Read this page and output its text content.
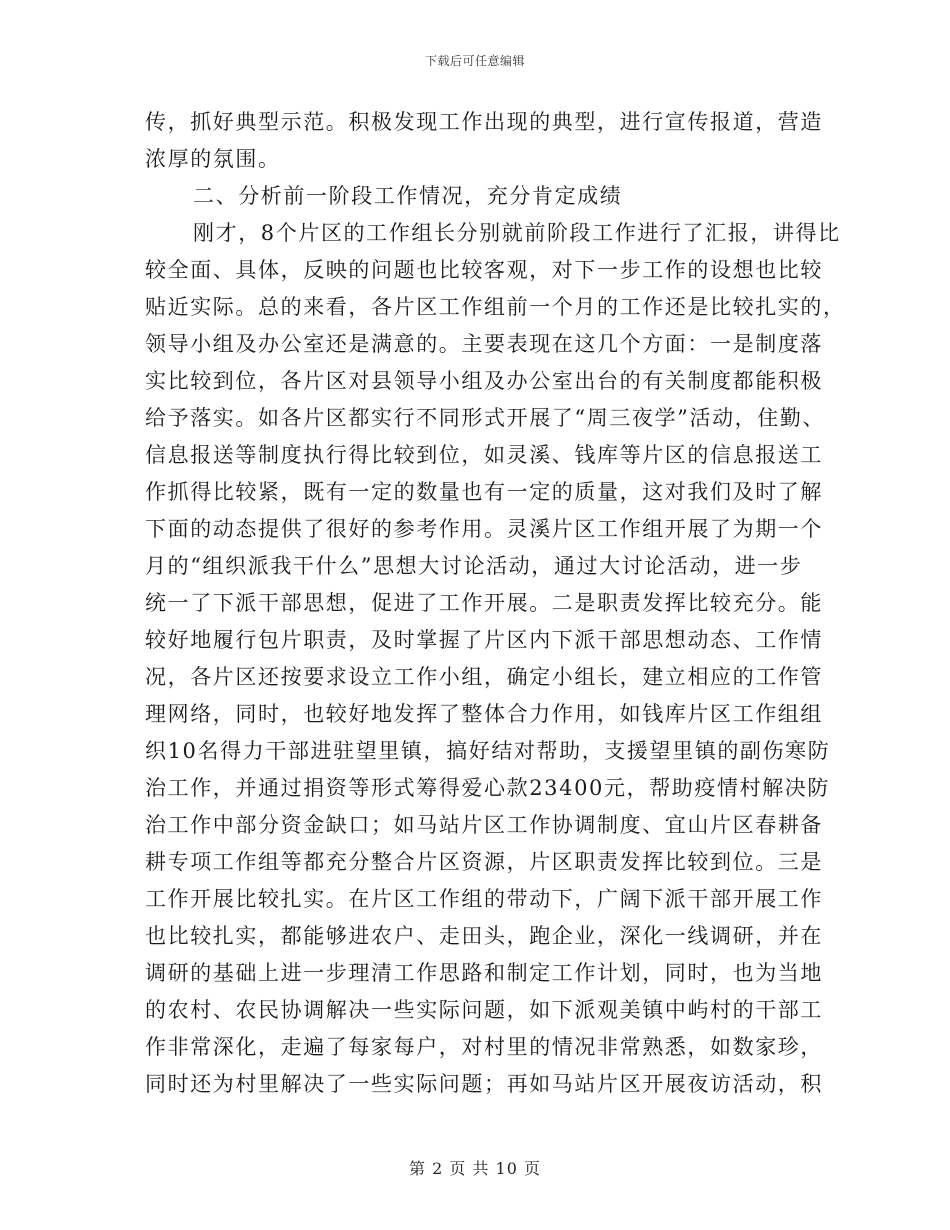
下载后可任意编辑
传，抓好典型示范。积极发现工作出现的典型，进行宣传报道，营造
浓厚的氛围。
二、分析前一阶段工作情况，充分肯定成绩
刚才，8个片区的工作组长分别就前阶段工作进行了汇报，讲得比
较全面、具体，反映的问题也比较客观，对下一步工作的设想也比较
贴近实际。总的来看，各片区工作组前一个月的工作还是比较扎实的，
领导小组及办公室还是满意的。主要表现在这几个方面：一是制度落
实比较到位，各片区对县领导小组及办公室出台的有关制度都能积极
给予落实。如各片区都实行不同形式开展了“周三夜学”活动，住勤、
信息报送等制度执行得比较到位，如灵溪、钱库等片区的信息报送工
作抓得比较紧，既有一定的数量也有一定的质量，这对我们及时了解
下面的动态提供了很好的参考作用。灵溪片区工作组开展了为期一个
月的“组织派我干什么”思想大讨论活动，通过大讨论活动，进一步
统一了下派干部思想，促进了工作开展。二是职责发挥比较充分。能
较好地履行包片职责，及时掌握了片区内下派干部思想动态、工作情
况，各片区还按要求设立工作小组，确定小组长，建立相应的工作管
理网络，同时，也较好地发挥了整体合力作用，如钱库片区工作组组
织10名得力干部进驻望里镇，搞好结对帮助，支援望里镇的副伤寒防
治工作，并通过捐资等形式筹得爱心款23400元，帮助疫情村解决防
治工作中部分资金缺口；如马站片区工作协调制度、宜山片区春耕备
耕专项工作组等都充分整合片区资源，片区职责发挥比较到位。三是
工作开展比较扎实。在片区工作组的带动下，广阔下派干部开展工作
也比较扎实，都能够进农户、走田头，跑企业，深化一线调研，并在
调研的基础上进一步理清工作思路和制定工作计划，同时，也为当地
的农村、农民协调解决一些实际问题，如下派观美镇中屿村的干部工
作非常深化，走遍了每家每户，对村里的情况非常熟悉，如数家珍，
同时还为村里解决了一些实际问题；再如马站片区开展夜访活动，积
第 2 页 共 10 页
